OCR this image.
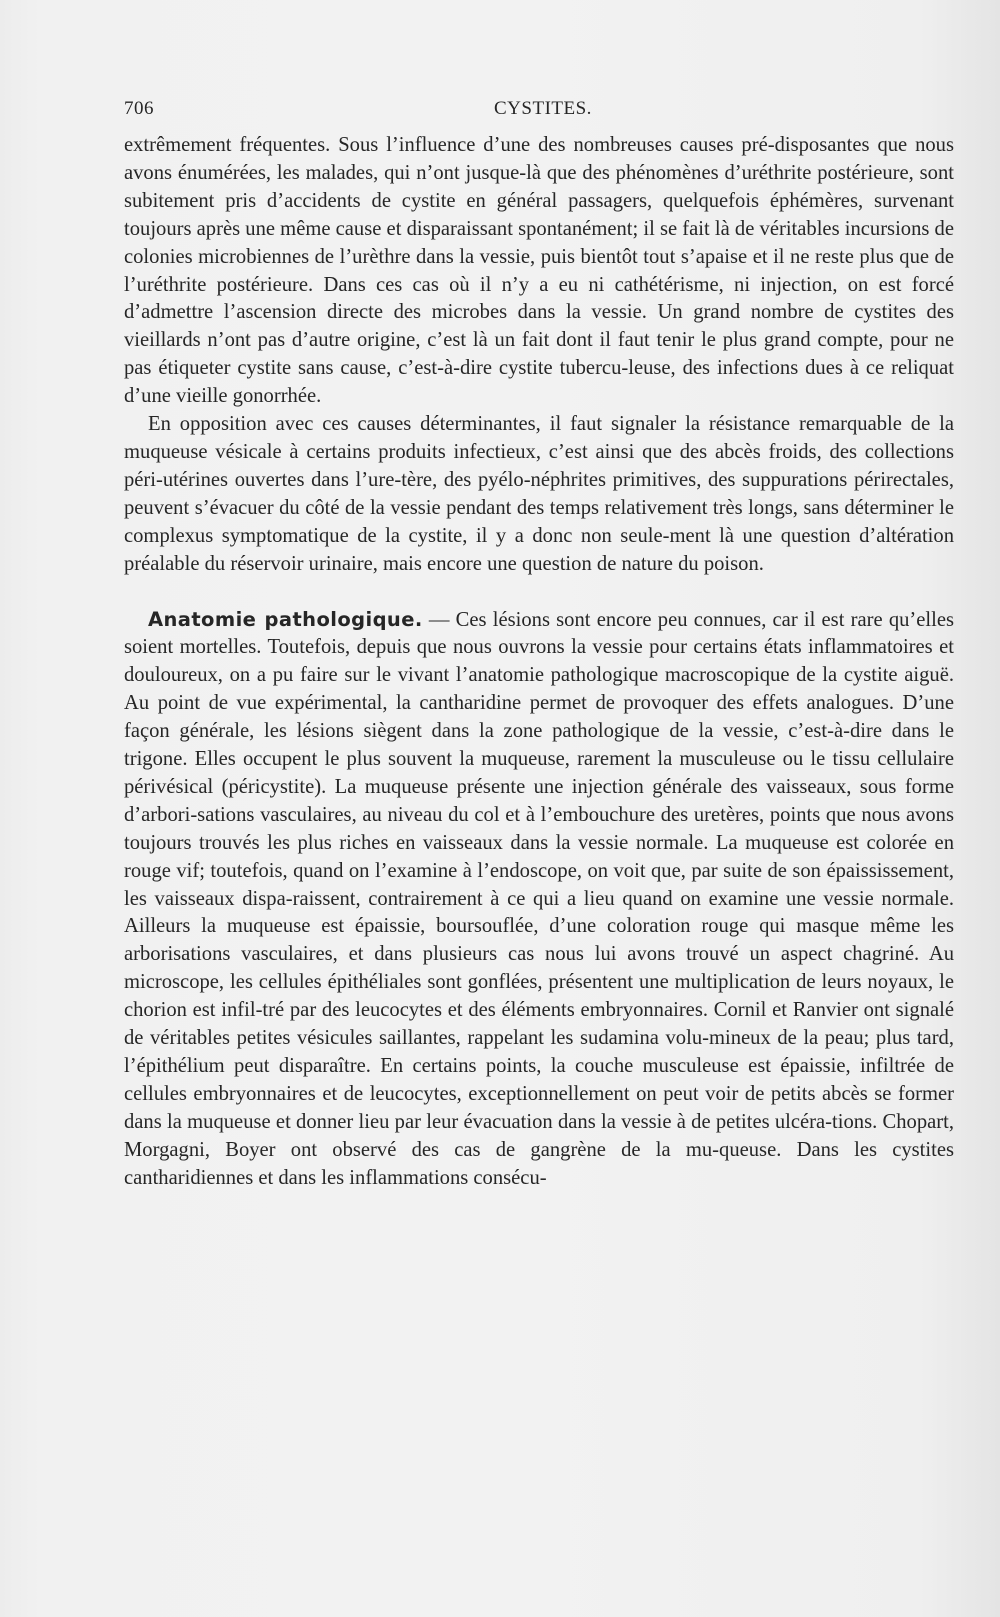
706	CYSTITES.

extrêmement fréquentes. Sous l’influence d’une des nombreuses causes pré-disposantes que nous avons énumérées, les malades, qui n’ont jusque-là que des phénomènes d’uréthrite postérieure, sont subitement pris d’accidents de cystite en général passagers, quelquefois éphémères, survenant toujours après une même cause et disparaissant spontanément; il se fait là de véritables incursions de colonies microbiennes de l’urèthre dans la vessie, puis bientôt tout s’apaise et il ne reste plus que de l’uréthrite postérieure. Dans ces cas où il n’y a eu ni cathétérisme, ni injection, on est forcé d’admettre l’ascension directe des microbes dans la vessie. Un grand nombre de cystites des vieillards n’ont pas d’autre origine, c’est là un fait dont il faut tenir le plus grand compte, pour ne pas étiqueter cystite sans cause, c’est-à-dire cystite tubercu-leuse, des infections dues à ce reliquat d’une vieille gonorrhée.

En opposition avec ces causes déterminantes, il faut signaler la résistance remarquable de la muqueuse vésicale à certains produits infectieux, c’est ainsi que des abcès froids, des collections péri-utérines ouvertes dans l’ure-tère, des pyélo-néphrites primitives, des suppurations périrectales, peuvent s’évacuer du côté de la vessie pendant des temps relativement très longs, sans déterminer le complexus symptomatique de la cystite, il y a donc non seule-ment là une question d’altération préalable du réservoir urinaire, mais encore une question de nature du poison.

Anatomie pathologique. — Ces lésions sont encore peu connues, car il est rare qu’elles soient mortelles. Toutefois, depuis que nous ouvrons la vessie pour certains états inflammatoires et douloureux, on a pu faire sur le vivant l’anatomie pathologique macroscopique de la cystite aiguë. Au point de vue expérimental, la cantharidine permet de provoquer des effets analogues. D’une façon générale, les lésions siègent dans la zone pathologique de la vessie, c’est-à-dire dans le trigone. Elles occupent le plus souvent la muqueuse, rarement la musculeuse ou le tissu cellulaire périvésical (péricystite). La muqueuse présente une injection générale des vaisseaux, sous forme d’arbori-sations vasculaires, au niveau du col et à l’embouchure des uretères, points que nous avons toujours trouvés les plus riches en vaisseaux dans la vessie normale. La muqueuse est colorée en rouge vif; toutefois, quand on l’examine à l’endoscope, on voit que, par suite de son épaississement, les vaisseaux dispa-raissent, contrairement à ce qui a lieu quand on examine une vessie normale. Ailleurs la muqueuse est épaissie, boursouflée, d’une coloration rouge qui masque même les arborisations vasculaires, et dans plusieurs cas nous lui avons trouvé un aspect chagriné. Au microscope, les cellules épithéliales sont gonflées, présentent une multiplication de leurs noyaux, le chorion est infil-tré par des leucocytes et des éléments embryonnaires. Cornil et Ranvier ont signalé de véritables petites vésicules saillantes, rappelant les sudamina volu-mineux de la peau; plus tard, l’épithélium peut disparaître. En certains points, la couche musculeuse est épaissie, infiltrée de cellules embryonnaires et de leucocytes, exceptionnellement on peut voir de petits abcès se former dans la muqueuse et donner lieu par leur évacuation dans la vessie à de petites ulcéra-tions. Chopart, Morgagni, Boyer ont observé des cas de gangrène de la mu-queuse. Dans les cystites cantharidiennes et dans les inflammations consécu-
